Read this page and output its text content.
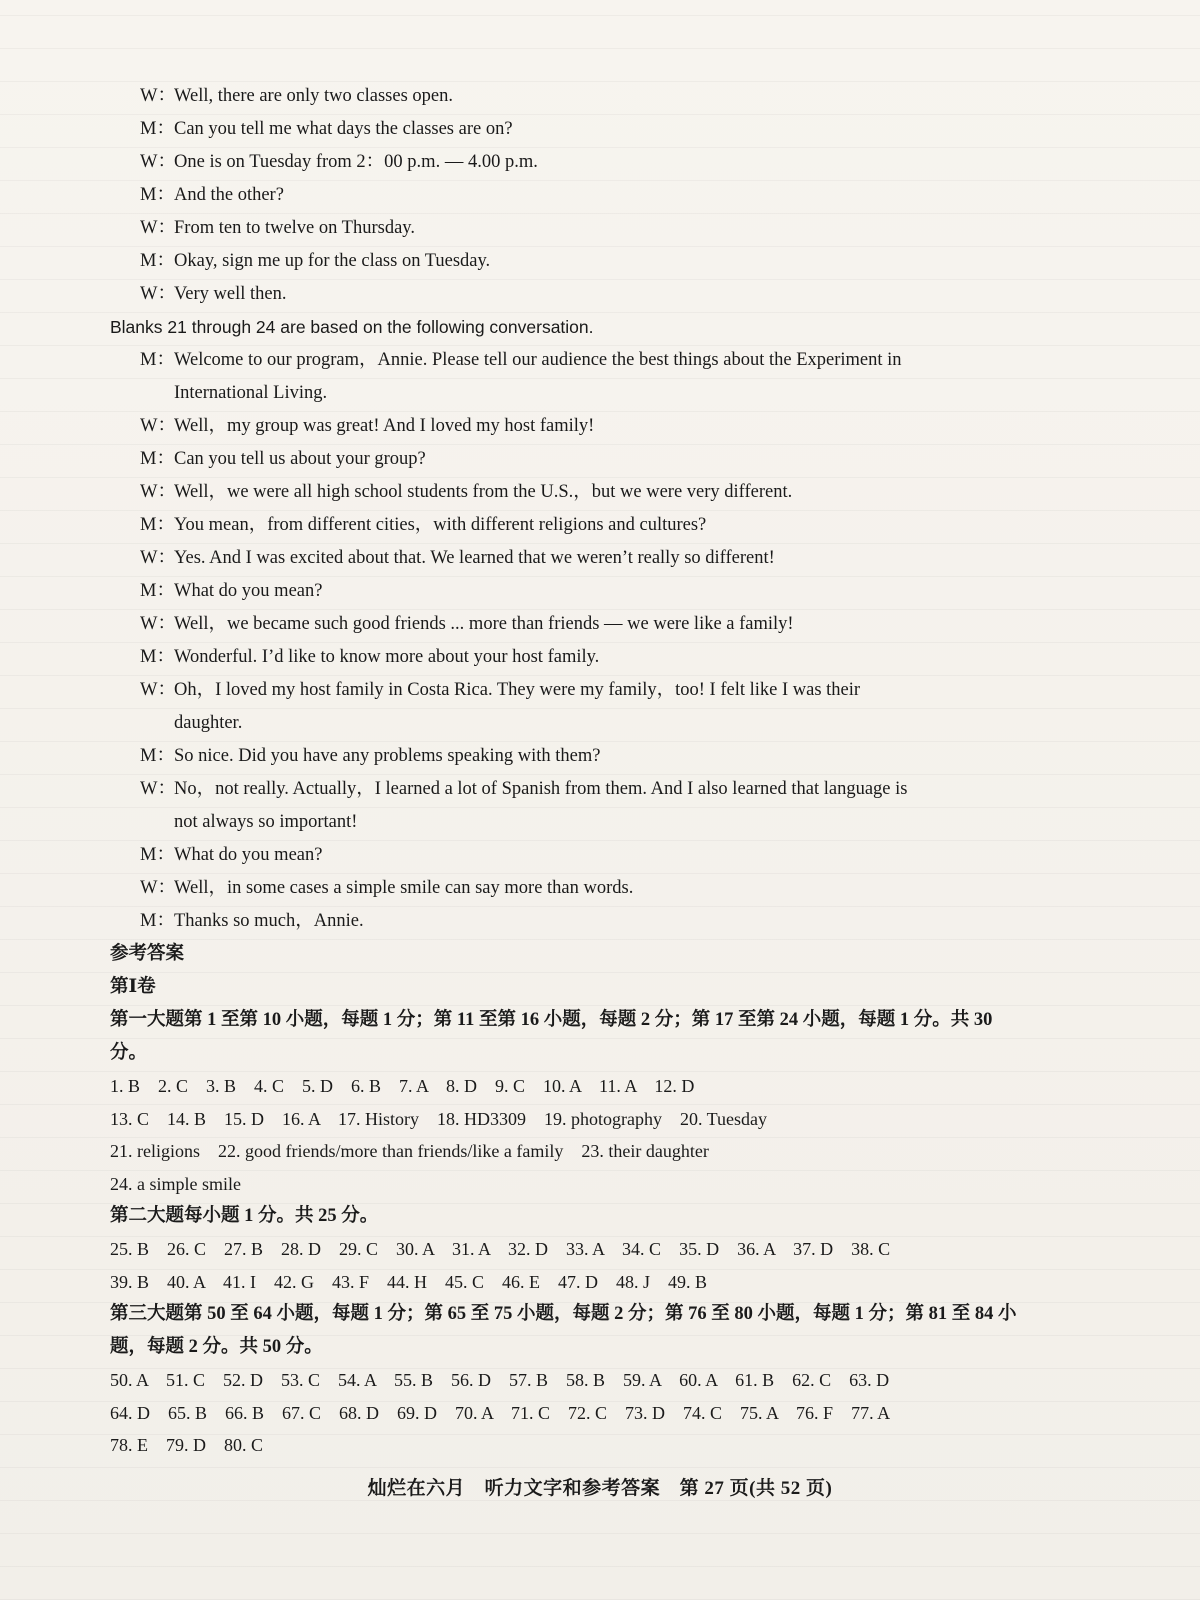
W：
Well, there are only two classes open.
M： Can you tell me what days the classes are on?
W：
One is on Tuesday from 2：00 p.m. — 4.00 p.m.
M： And the other?
W：
From ten to twelve on Thursday.
M： Okay, sign me up for the class on Tuesday.
W：
Very well then.
Blanks 21 through 24 are based on the following conversation.
M： Welcome to our program，Annie. Please tell our audience the best things about the Experiment in
International Living.
W：
Well，my group was great! And I loved my host family!
M： Can you tell us about your group?
W：
Well，we were all high school students from the U.S.，but we were very different.
M： You mean，from different cities，with different religions and cultures?
W：
Yes. And I was excited about that. We learned that we weren’t really so different!
M： What do you mean?
W：
Well，we became such good friends ... more than friends — we were like a family!
M： Wonderful. I’d like to know more about your host family.
W：
Oh，I loved my host family in Costa Rica. They were my family，too! I felt like I was their
daughter.
M： So nice. Did you have any problems speaking with them?
W：
No，not really. Actually，I learned a lot of Spanish from them. And I also learned that language is
not always so important!
M： What do you mean?
W：
Well，in some cases a simple smile can say more than words.
M： Thanks so much，Annie.
参考答案
第Ⅰ卷
第一大题第 1 至第 10 小题，每题 1 分；第 11 至第 16 小题，每题 2 分；第 17 至第 24 小题，每题 1 分。共 30 分。
1. B　2. C　3. B　4. C　5. D　6. B　7. A　8. D　9. C　10. A　11. A　12. D
13. C　14. B　15. D　16. A　17. History　18. HD3309　19. photography　20. Tuesday
21. religions　22. good friends/more than friends/like a family　23. their daughter
24. a simple smile
第二大题每小题 1 分。共 25 分。
25. B　26. C　27. B　28. D　29. C　30. A　31. A　32. D　33. A　34. C　35. D　36. A　37. D　38. C
39. B　40. A　41. I　42. G　43. F　44. H　45. C　46. E　47. D　48. J　49. B
第三大题第 50 至 64 小题，每题 1 分；第 65 至 75 小题，每题 2 分；第 76 至 80 小题，每题 1 分；第 81 至 84 小题，每题 2 分。共 50 分。
50. A　51. C　52. D　53. C　54. A　55. B　56. D　57. B　58. B　59. A　60. A　61. B　62. C　63. D
64. D　65. B　66. B　67. C　68. D　69. D　70. A　71. C　72. C　73. D　74. C　75. A　76. F　77. A
78. E　79. D　80. C
灿烂在六月　听力文字和参考答案　第 27 页(共 52 页)
